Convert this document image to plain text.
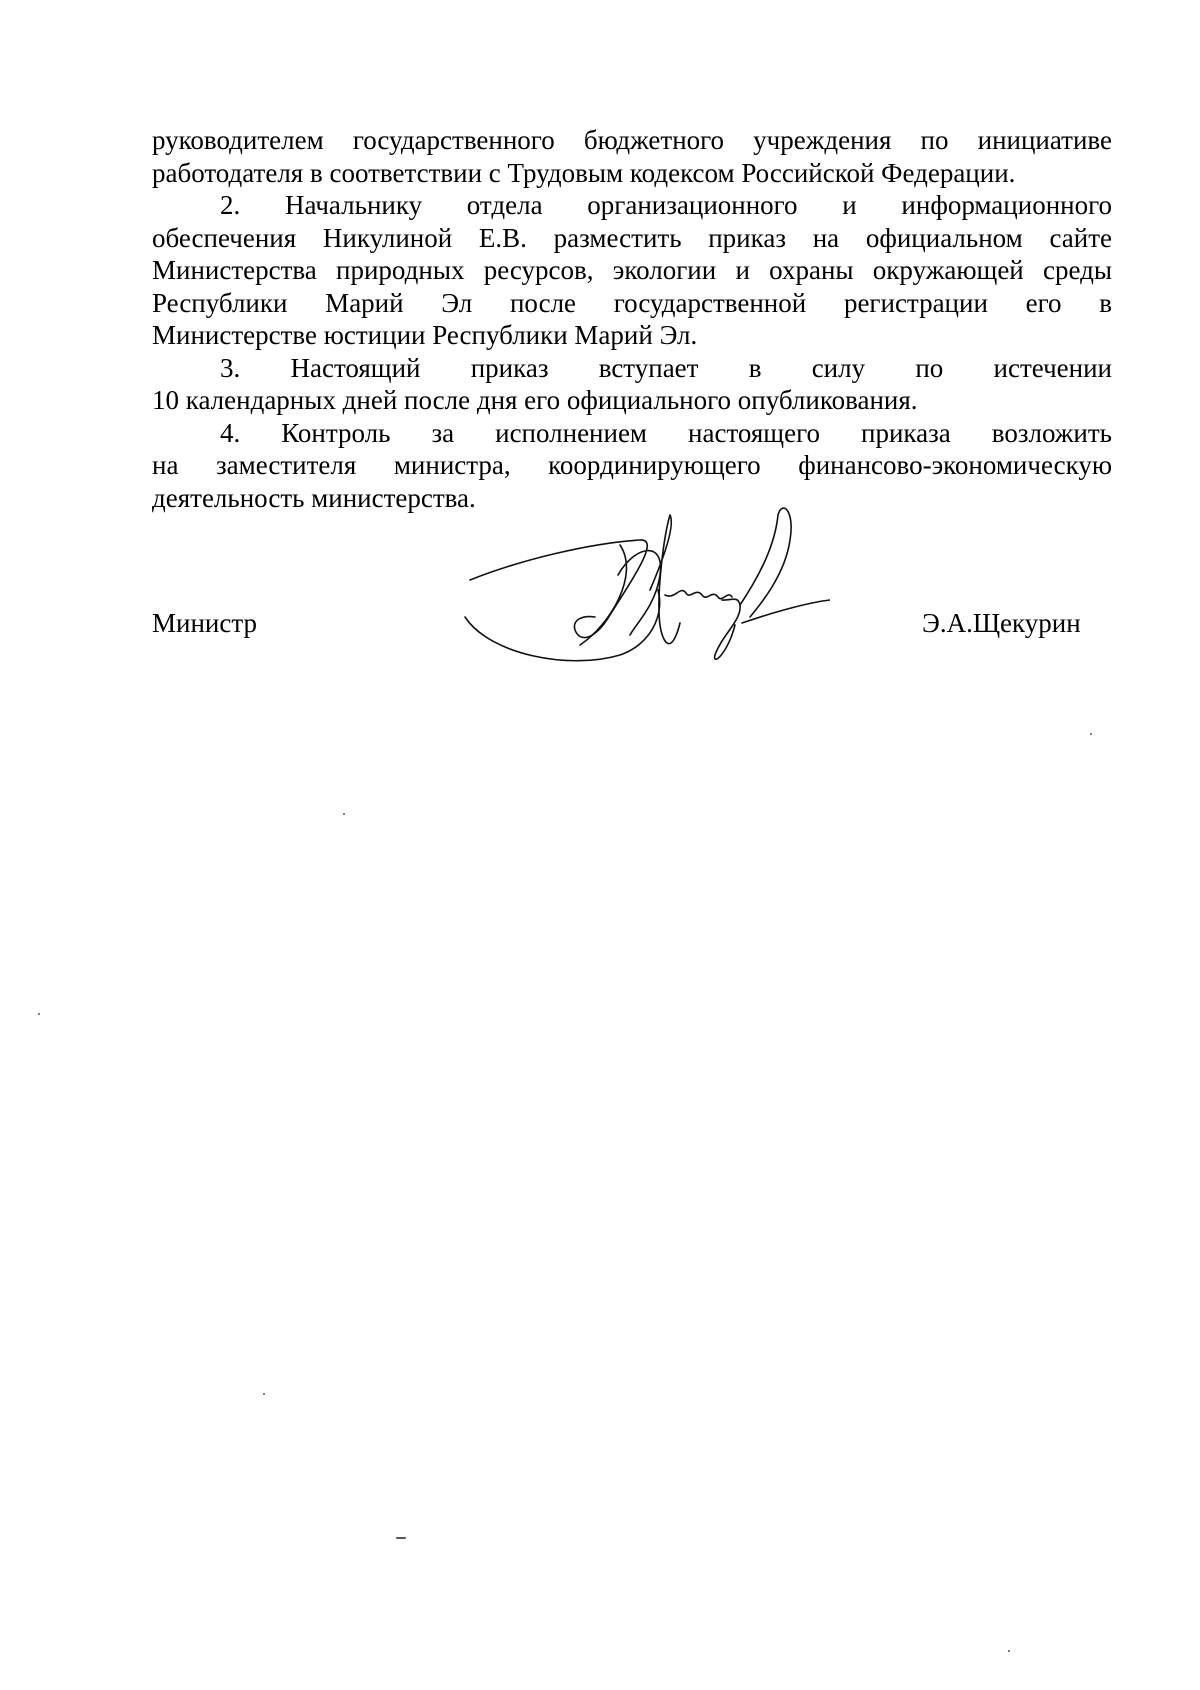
руководителем государственного бюджетного учреждения по инициативе
работодателя в соответствии с Трудовым кодексом Российской Федерации.
2. Начальнику отдела организационного и информационного
обеспечения Никулиной Е.В. разместить приказ на официальном сайте
Министерства природных ресурсов, экологии и охраны окружающей среды
Республики Марий Эл после государственной регистрации его в
Министерстве юстиции Республики Марий Эл.
3. Настоящий приказ вступает в силу по истечении
10 календарных дней после дня его официального опубликования.
4. Контроль за исполнением настоящего приказа возложить
на заместителя министра, координирующего финансово-экономическую
деятельность министерства.
Министр	Э.А.Щекурин
